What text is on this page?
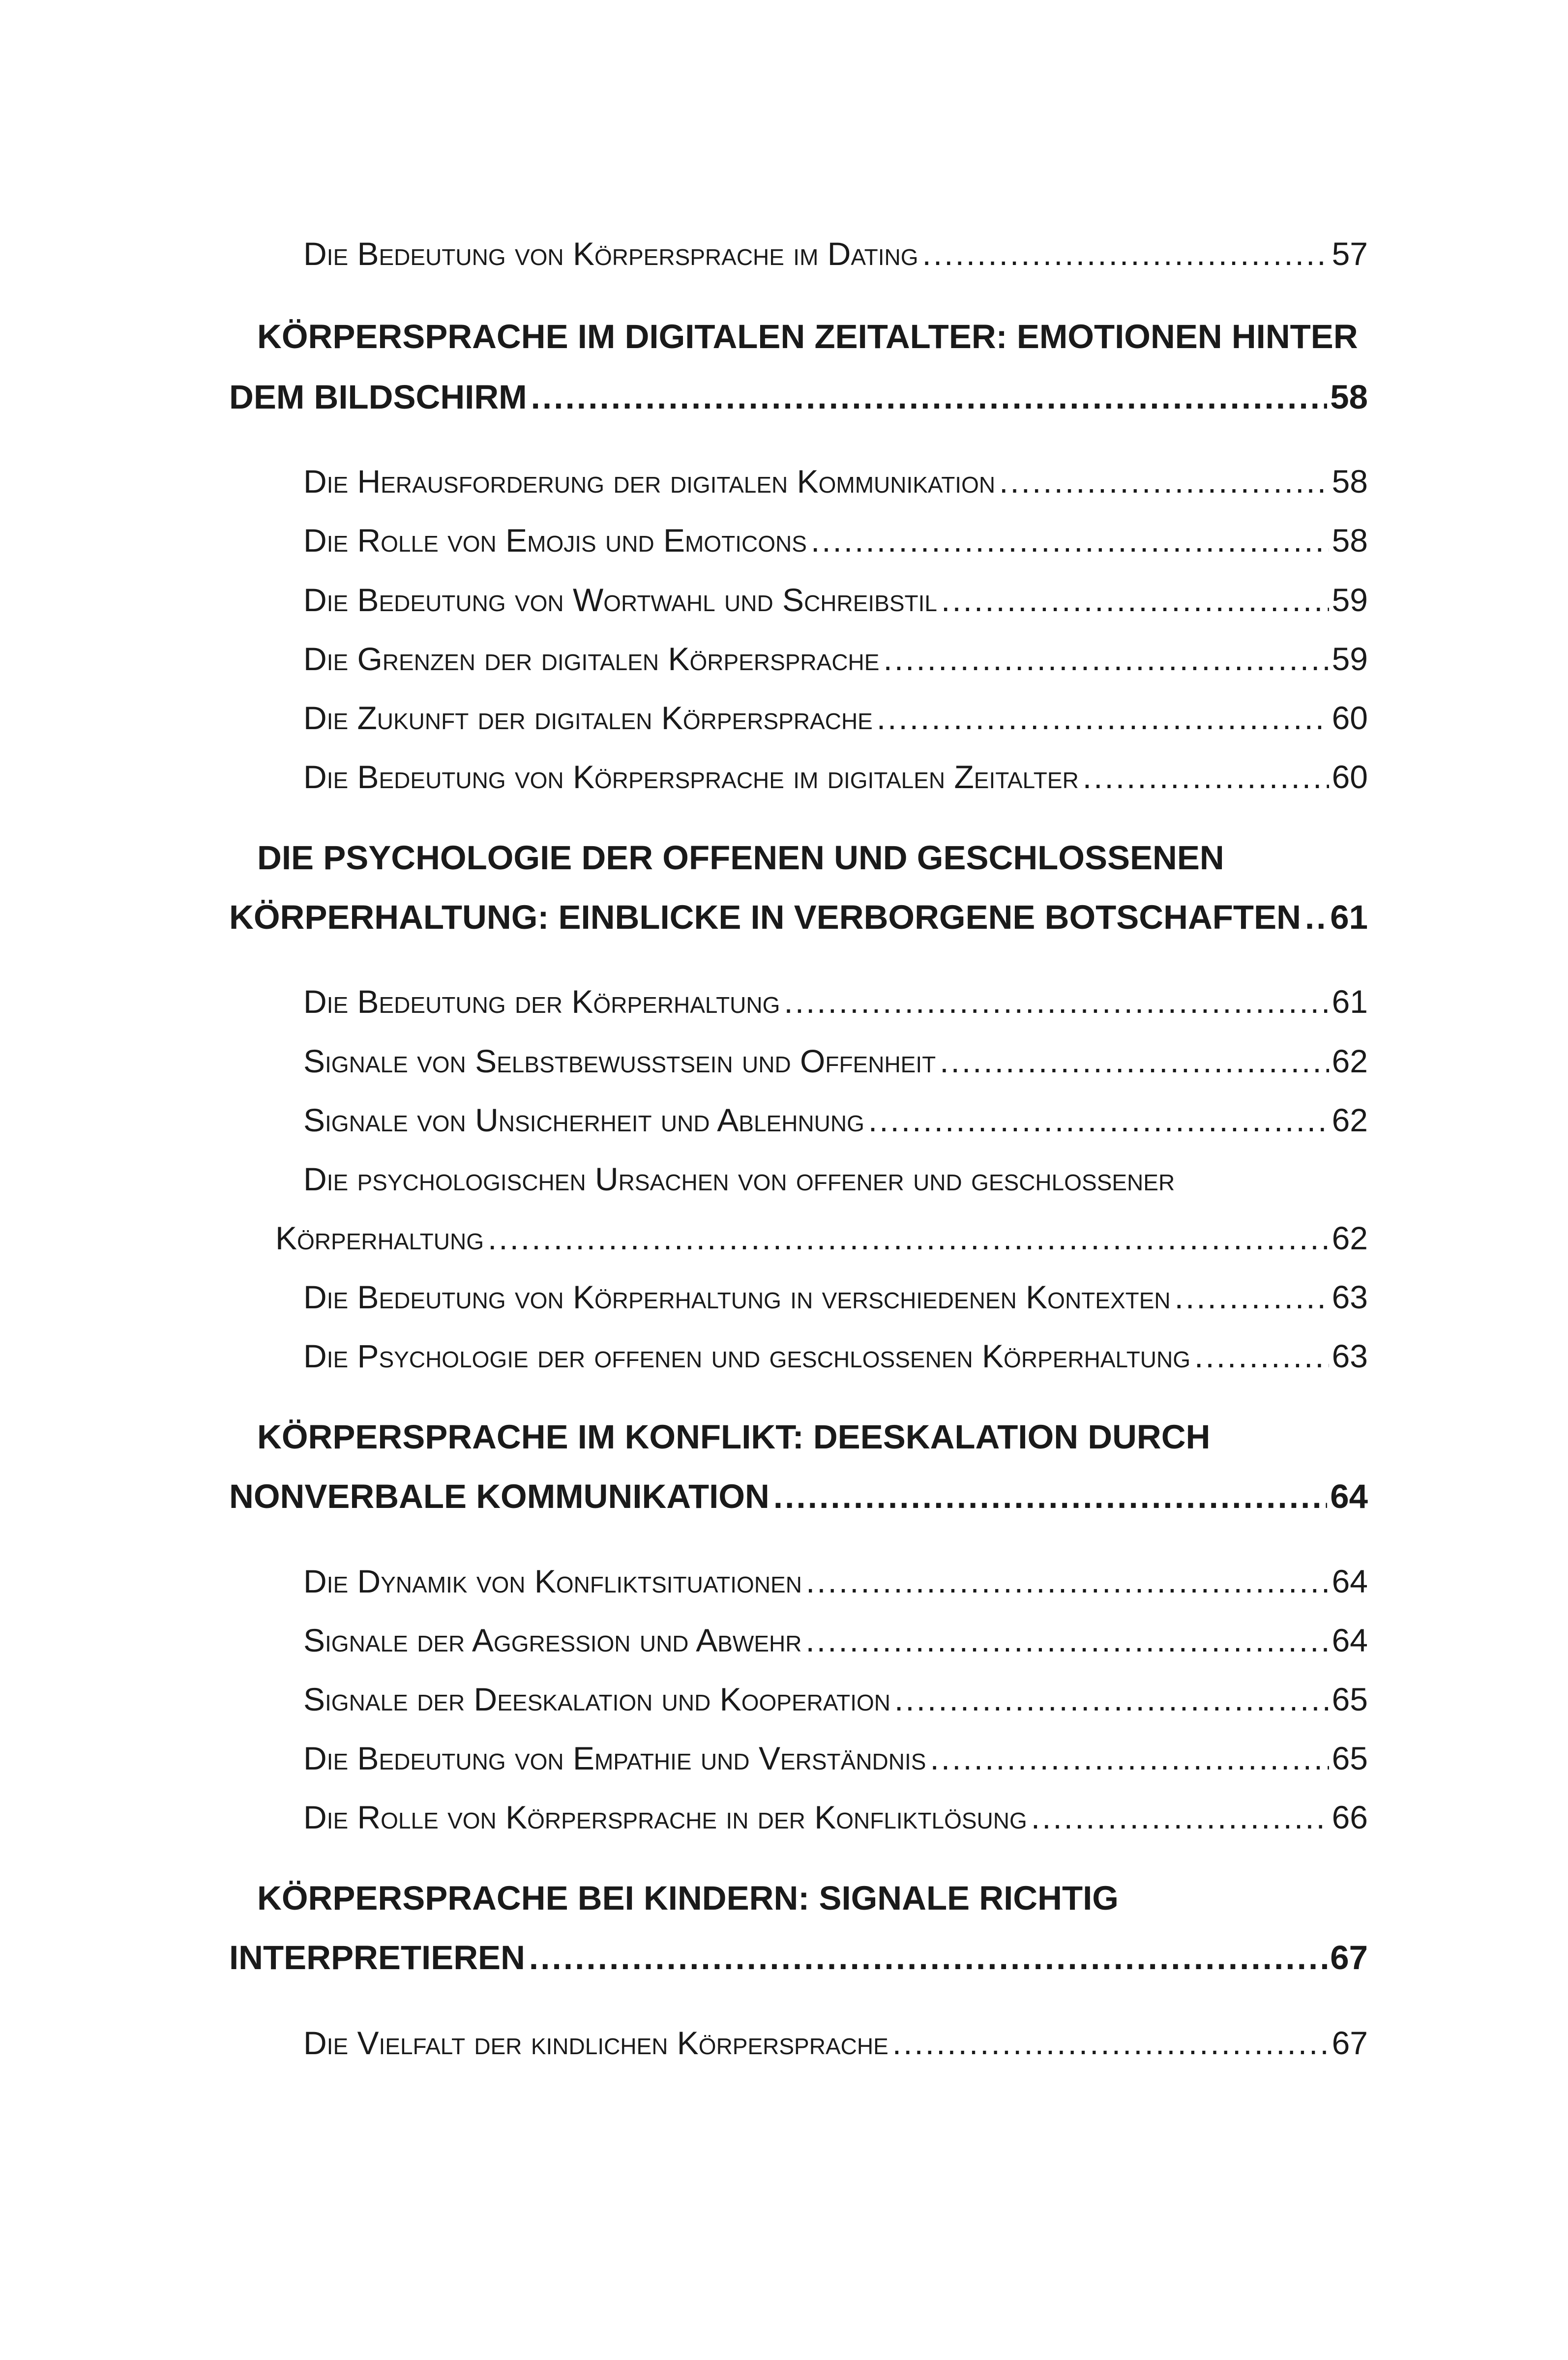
Die Bedeutung von Körpersprache im Dating .....	57
KÖRPERSPRACHE IM DIGITALEN ZEITALTER: EMOTIONEN HINTER
DEM BILDSCHIRM .....	58
Die Herausforderung der digitalen Kommunikation .....	58
Die Rolle von Emojis und Emoticons .....	58
Die Bedeutung von Wortwahl und Schreibstil .....	59
Die Grenzen der digitalen Körpersprache .....	59
Die Zukunft der digitalen Körpersprache .....	60
Die Bedeutung von Körpersprache im digitalen Zeitalter .....	60
DIE PSYCHOLOGIE DER OFFENEN UND GESCHLOSSENEN
KÖRPERHALTUNG: EINBLICKE IN VERBORGENE BOTSCHAFTEN ..... 61
Die Bedeutung der Körperhaltung .....	61
Signale von Selbstbewusstsein und Offenheit .....	62
Signale von Unsicherheit und Ablehnung .....	62
Die psychologischen Ursachen von offener und geschlossener
Körperhaltung .....	62
Die Bedeutung von Körperhaltung in verschiedenen Kontexten .....	63
Die Psychologie der offenen und geschlossenen Körperhaltung .....	63
KÖRPERSPRACHE IM KONFLIKT: DEESKALATION DURCH
NONVERBALE KOMMUNIKATION .....	64
Die Dynamik von Konfliktsituationen .....	64
Signale der Aggression und Abwehr .....	64
Signale der Deeskalation und Kooperation .....	65
Die Bedeutung von Empathie und Verständnis .....	65
Die Rolle von Körpersprache in der Konfliktlösung .....	66
KÖRPERSPRACHE BEI KINDERN: SIGNALE RICHTIG
INTERPRETIEREN .....	67
Die Vielfalt der kindlichen Körpersprache .....	67
